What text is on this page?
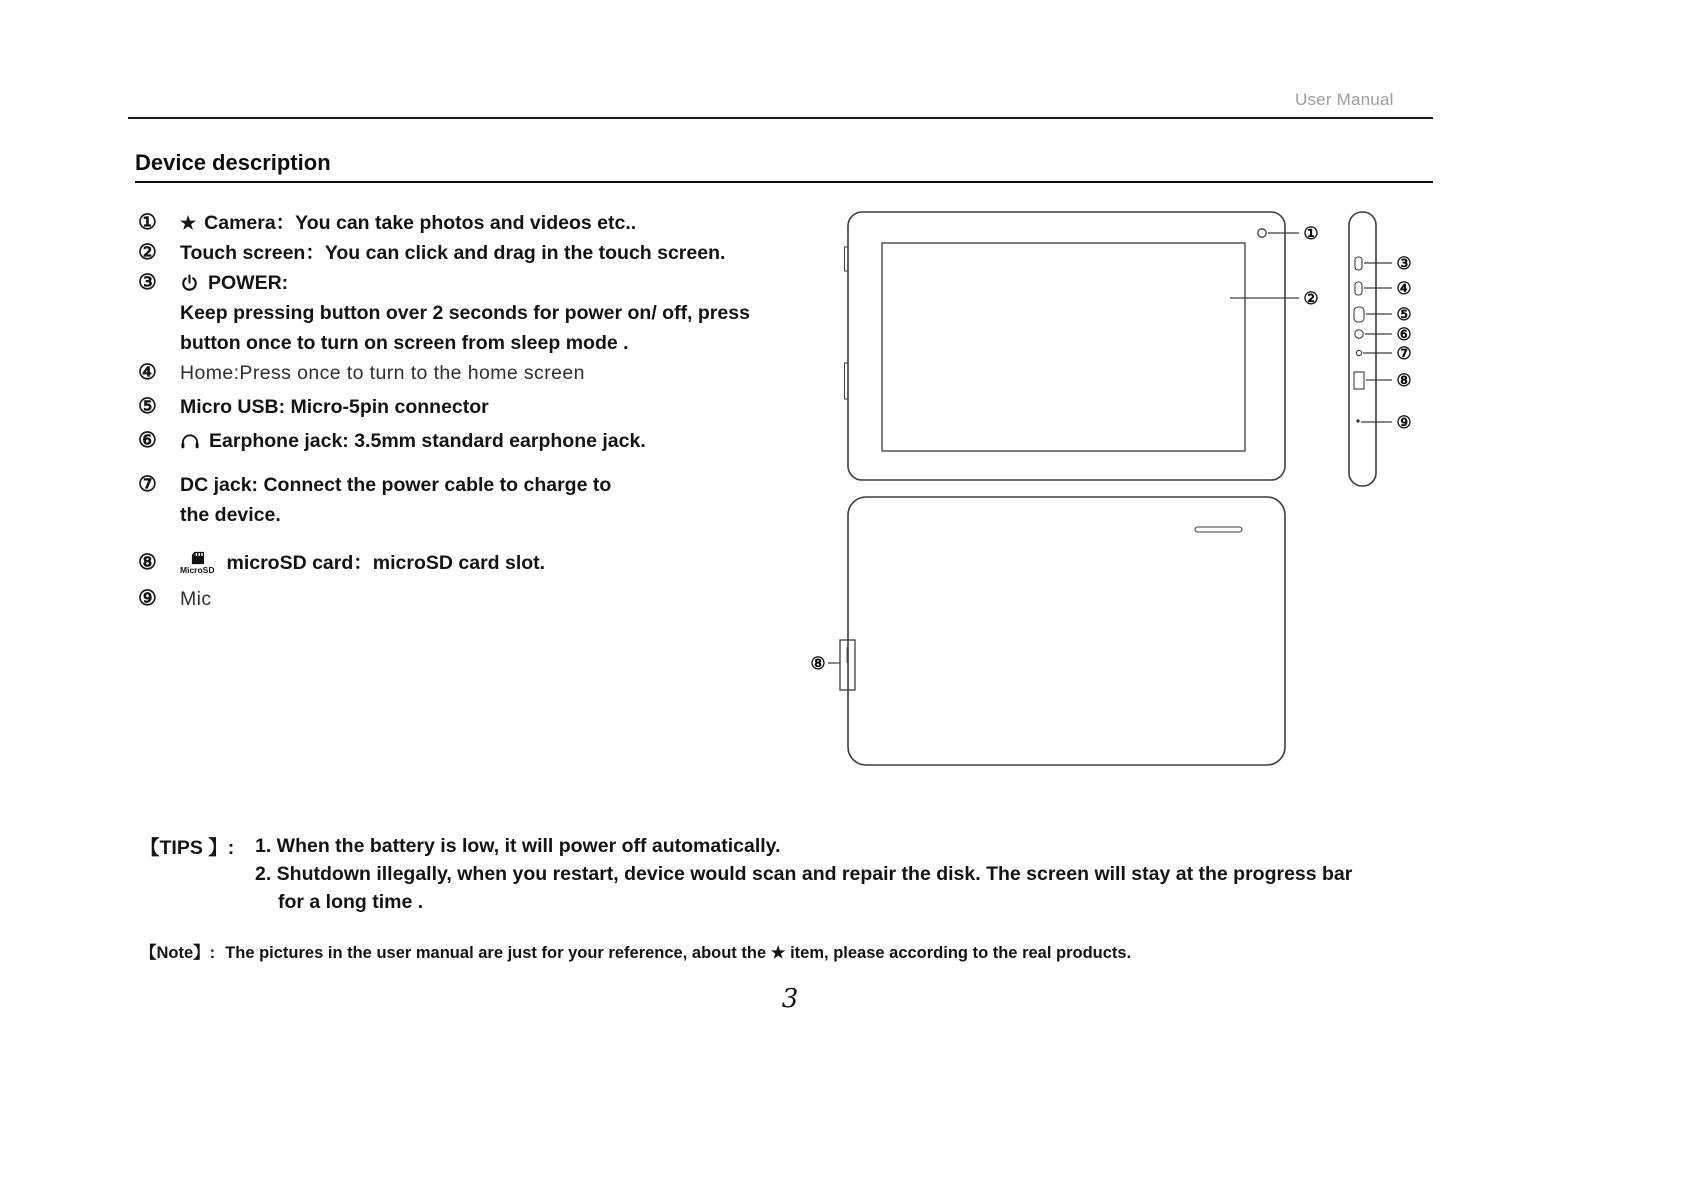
User Manual
Device description
①	★ Camera：You can take photos and videos etc..
②	Touch screen：You can click and drag in the touch screen.
③	POWER:
Keep pressing button over 2 seconds for power on/ off, press
button once to turn on screen from sleep mode .
④	Home:Press once to turn to the home screen
⑤	Micro USB: Micro-5pin connector
⑥	Earphone jack: 3.5mm standard earphone jack.
⑦	DC jack: Connect the power cable to charge to
the device.
⑧	MicroSD microSD card：microSD card slot.
⑨	Mic
①
②
③
④
⑤
⑥
⑦
⑧
⑨
⑧
【TIPS 】:	1. When the battery is low, it will power off automatically.
2. Shutdown illegally, when you restart, device would scan and repair the disk. The screen will stay at the progress bar
for a long time .
【Note】: The pictures in the user manual are just for your reference, about the ★ item, please according to the real products.
3
